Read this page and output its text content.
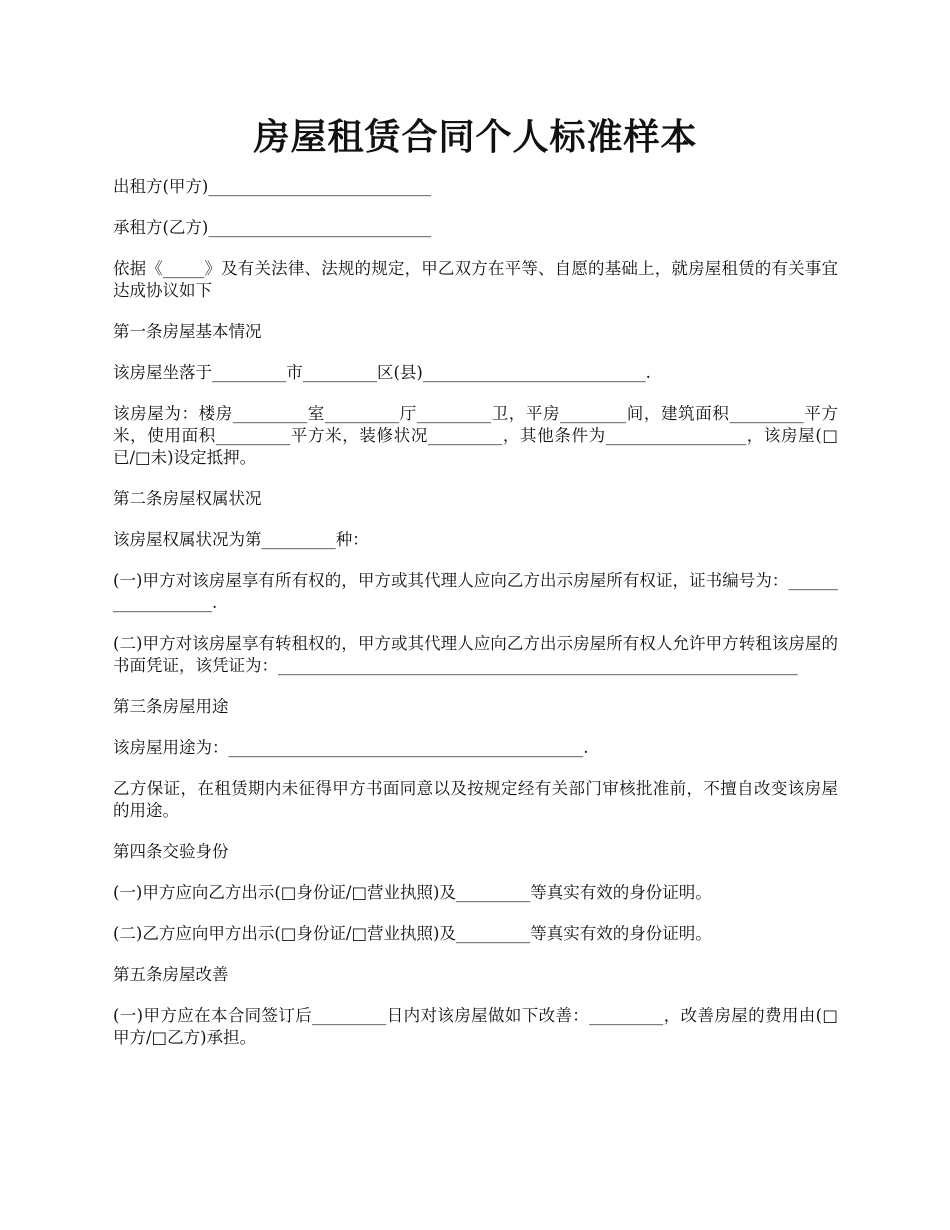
房屋租赁合同个人标准样本

出租方(甲方)___________________________

承租方(乙方)___________________________

依据《_____》及有关法律、法规的规定，甲乙双方在平等、自愿的基础上，就房屋租赁的有关事宜达成协议如下

第一条房屋基本情况

该房屋坐落于_________市_________区(县)___________________________.

该房屋为：楼房_________室_________厅_________卫，平房________间，建筑面积_________平方米，使用面积_________平方米，装修状况_________，其他条件为_________________，该房屋(□已/□未)设定抵押。

第二条房屋权属状况

该房屋权属状况为第_________种：

(一)甲方对该房屋享有所有权的，甲方或其代理人应向乙方出示房屋所有权证，证书编号为：__________________.

(二)甲方对该房屋享有转租权的，甲方或其代理人应向乙方出示房屋所有权人允许甲方转租该房屋的书面凭证，该凭证为：_______________________________________________________________

第三条房屋用途

该房屋用途为：___________________________________________.

乙方保证，在租赁期内未征得甲方书面同意以及按规定经有关部门审核批准前，不擅自改变该房屋的用途。

第四条交验身份

(一)甲方应向乙方出示(□身份证/□营业执照)及_________等真实有效的身份证明。

(二)乙方应向甲方出示(□身份证/□营业执照)及_________等真实有效的身份证明。

第五条房屋改善

(一)甲方应在本合同签订后_________日内对该房屋做如下改善：_________，改善房屋的费用由(□甲方/□乙方)承担。
